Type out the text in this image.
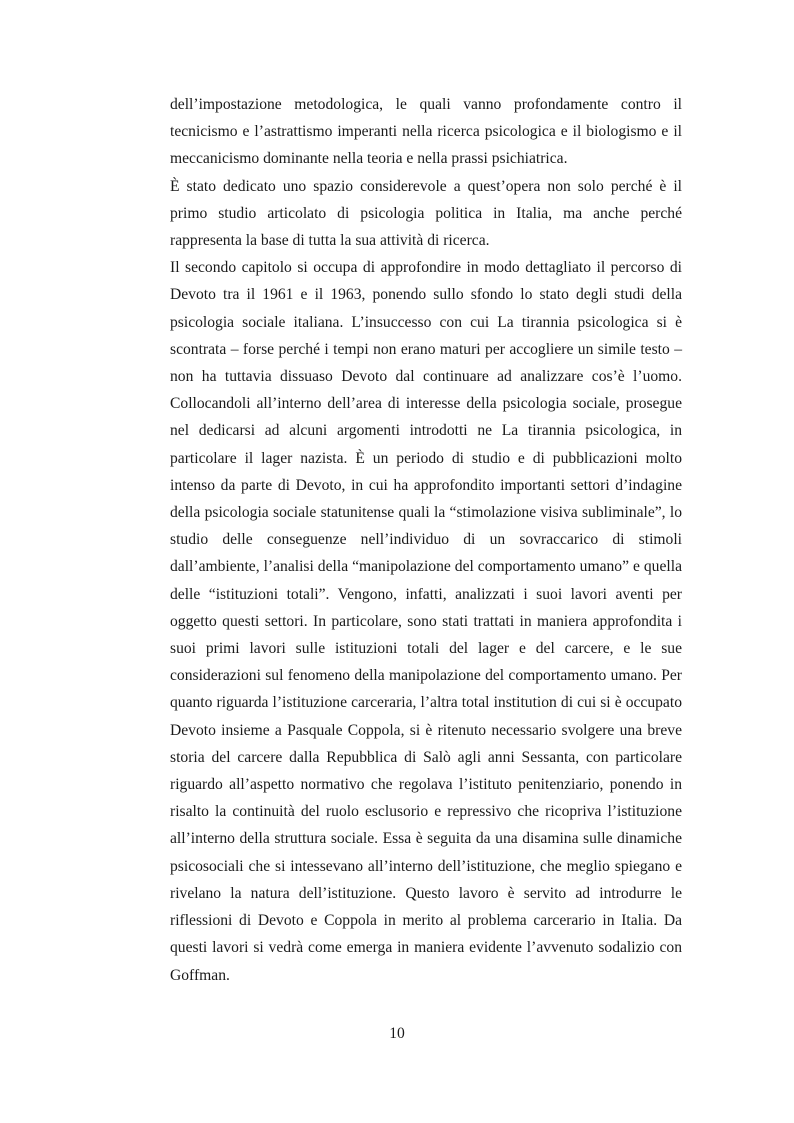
dell’impostazione metodologica, le quali vanno profondamente contro il tecnicismo e l’astrattismo imperanti nella ricerca psicologica e il biologismo e il meccanicismo dominante nella teoria e nella prassi psichiatrica.

È stato dedicato uno spazio considerevole a quest’opera non solo perché è il primo studio articolato di psicologia politica in Italia, ma anche perché rappresenta la base di tutta la sua attività di ricerca.

Il secondo capitolo si occupa di approfondire in modo dettagliato il percorso di Devoto tra il 1961 e il 1963, ponendo sullo sfondo lo stato degli studi della psicologia sociale italiana. L’insuccesso con cui La tirannia psicologica si è scontrata – forse perché i tempi non erano maturi per accogliere un simile testo – non ha tuttavia dissuaso Devoto dal continuare ad analizzare cos’è l’uomo. Collocandoli all’interno dell’area di interesse della psicologia sociale, prosegue nel dedicarsi ad alcuni argomenti introdotti ne La tirannia psicologica, in particolare il lager nazista. È un periodo di studio e di pubblicazioni molto intenso da parte di Devoto, in cui ha approfondito importanti settori d’indagine della psicologia sociale statunitense quali la “stimolazione visiva subliminale”, lo studio delle conseguenze nell’individuo di un sovraccarico di stimoli dall’ambiente, l’analisi della “manipolazione del comportamento umano” e quella delle “istituzioni totali”. Vengono, infatti, analizzati i suoi lavori aventi per oggetto questi settori. In particolare, sono stati trattati in maniera approfondita i suoi primi lavori sulle istituzioni totali del lager e del carcere, e le sue considerazioni sul fenomeno della manipolazione del comportamento umano. Per quanto riguarda l’istituzione carceraria, l’altra total institution di cui si è occupato Devoto insieme a Pasquale Coppola, si è ritenuto necessario svolgere una breve storia del carcere dalla Repubblica di Salò agli anni Sessanta, con particolare riguardo all’aspetto normativo che regolava l’istituto penitenziario, ponendo in risalto la continuità del ruolo esclusorio e repressivo che ricopriva l’istituzione all’interno della struttura sociale. Essa è seguita da una disamina sulle dinamiche psicosociali che si intessevano all’interno dell’istituzione, che meglio spiegano e rivelano la natura dell’istituzione. Questo lavoro è servito ad introdurre le riflessioni di Devoto e Coppola in merito al problema carcerario in Italia. Da questi lavori si vedrà come emerga in maniera evidente l’avvenuto sodalizio con Goffman.

10
